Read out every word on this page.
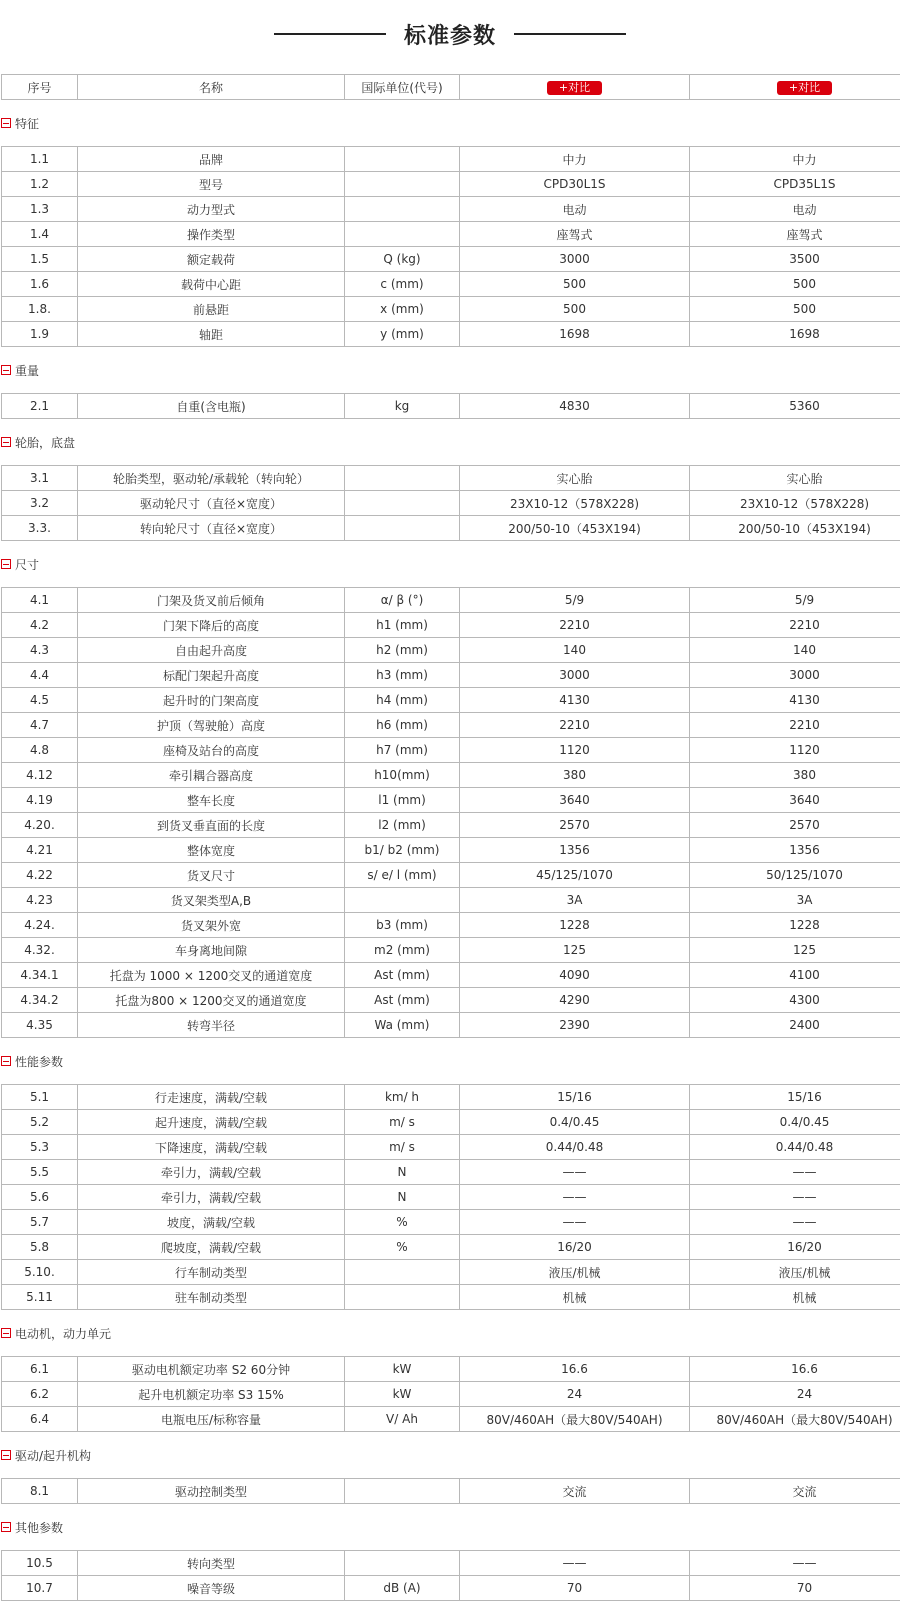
标准参数
序号	名称	国际单位(代号)	+对比	+对比
特征
1.1	品牌		中力	中力
1.2	型号		CPD30L1S	CPD35L1S
1.3	动力型式		电动	电动
1.4	操作类型		座驾式	座驾式
1.5	额定载荷	Q (kg)	3000	3500
1.6	载荷中心距	c (mm)	500	500
1.8.	前悬距	x (mm)	500	500
1.9	轴距	y (mm)	1698	1698
重量
2.1	自重(含电瓶)	kg	4830	5360
轮胎，底盘
3.1	轮胎类型，驱动轮/承载轮（转向轮）		实心胎	实心胎
3.2	驱动轮尺寸（直径×宽度）		23X10-12（578X228)	23X10-12（578X228)
3.3.	转向轮尺寸（直径×宽度）		200/50-10（453X194)	200/50-10（453X194)
尺寸
4.1	门架及货叉前后倾角	α/ β (°)	5/9	5/9
4.2	门架下降后的高度	h1 (mm)	2210	2210
4.3	自由起升高度	h2 (mm)	140	140
4.4	标配门架起升高度	h3 (mm)	3000	3000
4.5	起升时的门架高度	h4 (mm)	4130	4130
4.7	护顶（驾驶舱）高度	h6 (mm)	2210	2210
4.8	座椅及站台的高度	h7 (mm)	1120	1120
4.12	牵引耦合器高度	h10(mm)	380	380
4.19	整车长度	l1 (mm)	3640	3640
4.20.	到货叉垂直面的长度	l2 (mm)	2570	2570
4.21	整体宽度	b1/ b2 (mm)	1356	1356
4.22	货叉尺寸	s/ e/ l (mm)	45/125/1070	50/125/1070
4.23	货叉架类型A,B		3A	3A
4.24.	货叉架外宽	b3 (mm)	1228	1228
4.32.	车身离地间隙	m2 (mm)	125	125
4.34.1	托盘为 1000 × 1200交叉的通道宽度	Ast (mm)	4090	4100
4.34.2	托盘为800 × 1200交叉的通道宽度	Ast (mm)	4290	4300
4.35	转弯半径	Wa (mm)	2390	2400
性能参数
5.1	行走速度，满载/空载	km/ h	15/16	15/16
5.2	起升速度，满载/空载	m/ s	0.4/0.45	0.4/0.45
5.3	下降速度，满载/空载	m/ s	0.44/0.48	0.44/0.48
5.5	牵引力，满载/空载	N	——	——
5.6	牵引力，满载/空载	N	——	——
5.7	坡度，满载/空载	%	——	——
5.8	爬坡度，满载/空载	%	16/20	16/20
5.10.	行车制动类型		液压/机械	液压/机械
5.11	驻车制动类型		机械	机械
电动机，动力单元
6.1	驱动电机额定功率 S2 60分钟	kW	16.6	16.6
6.2	起升电机额定功率 S3 15%	kW	24	24
6.4	电瓶电压/标称容量	V/ Ah	80V/460AH（最大80V/540AH)	80V/460AH（最大80V/540AH)
驱动/起升机构
8.1	驱动控制类型		交流	交流
其他参数
10.5	转向类型		——	——
10.7	噪音等级	dB (A)	70	70
